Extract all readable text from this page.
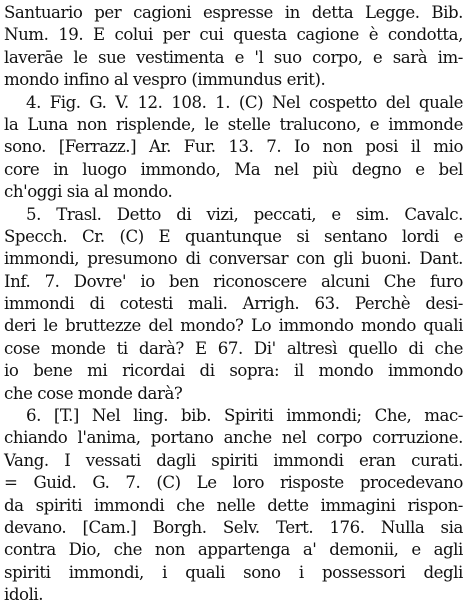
Santuario per cagioni espresse in detta Legge. Bib.
Num. 19. E colui per cui questa cagione è condotta,
laverāe le sue vestimenta e 'l suo corpo, e sarà im-
mondo infino al vespro (immundus erit).
4. Fig. G. V. 12. 108. 1. (C) Nel cospetto del quale
la Luna non risplende, le stelle tralucono, e immonde
sono. [Ferrazz.] Ar. Fur. 13. 7. Io non posi il mio
core in luogo immondo, Ma nel più degno e bel
ch'oggi sia al mondo.
5. Trasl. Detto di vizi, peccati, e sim. Cavalc.
Specch. Cr. (C) E quantunque si sentano lordi e
immondi, presumono di conversar con gli buoni. Dant.
Inf. 7. Dovre' io ben riconoscere alcuni Che furo
immondi di cotesti mali. Arrigh. 63. Perchè desi-
deri le bruttezze del mondo? Lo immondo mondo quali
cose monde ti darà? E 67. Di' altresì quello di che
io bene mi ricordai di sopra: il mondo immondo
che cose monde darà?
6. [T.] Nel ling. bib. Spiriti immondi; Che, mac-
chiando l'anima, portano anche nel corpo corruzione.
Vang. I vessati dagli spiriti immondi eran curati.
= Guid. G. 7. (C) Le loro risposte procedevano
da spiriti immondi che nelle dette immagini rispon-
devano. [Cam.] Borgh. Selv. Tert. 176. Nulla sia
contra Dio, che non appartenga a' demonii, e agli
spiriti immondi, i quali sono i possessori degli
idoli.
